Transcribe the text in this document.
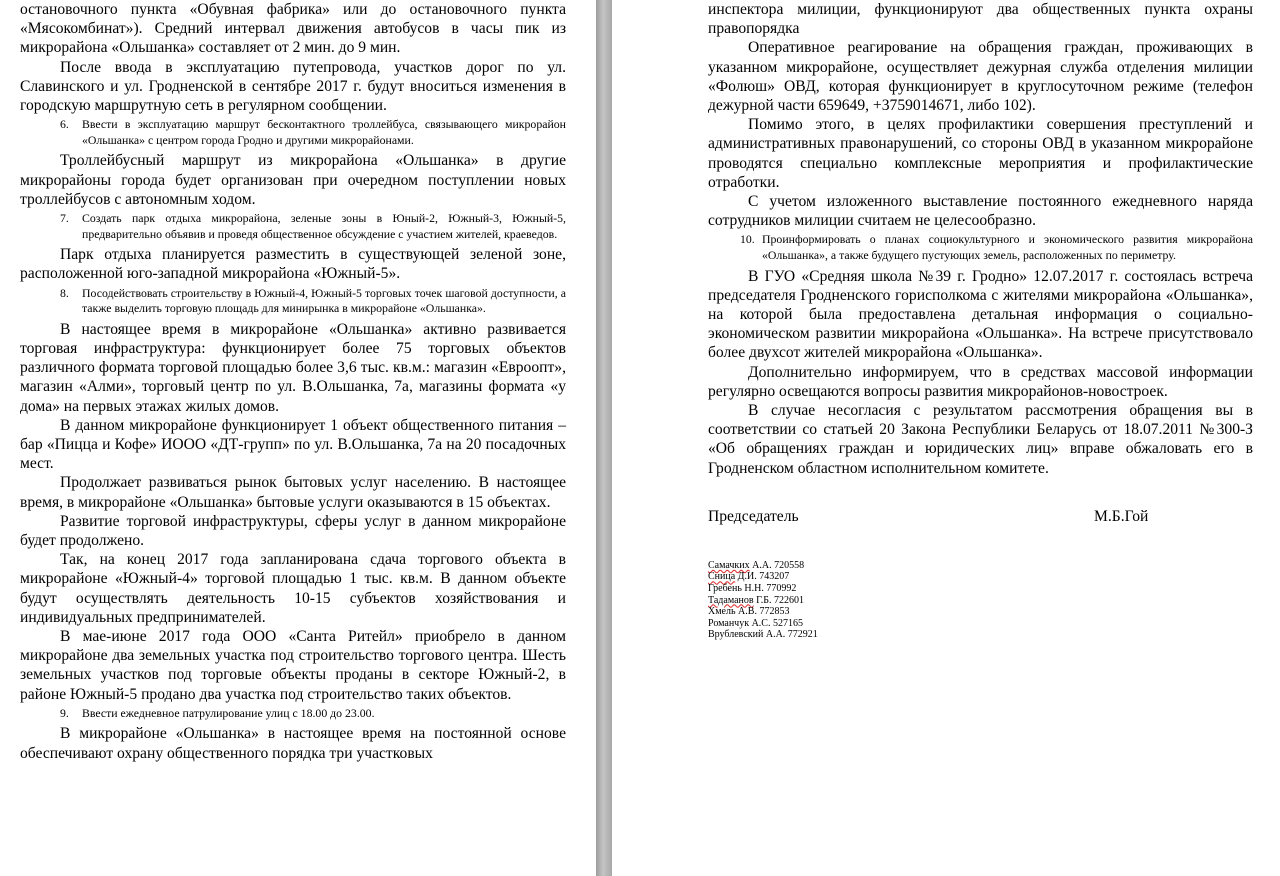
остановочного пункта «Обувная фабрика» или до остановочного пункта «Мясокомбинат»). Средний интервал движения автобусов в часы пик из микрорайона «Ольшанка» составляет от 2 мин. до 9 мин.

После ввода в эксплуатацию путепровода, участков дорог по ул. Славинского и ул. Гродненской в сентябре 2017 г. будут вноситься изменения в городскую маршрутную сеть в регулярном сообщении.

6. Ввести в эксплуатацию маршрут бесконтактного троллейбуса, связывающего микрорайон «Ольшанка» с центром города Гродно и другими микрорайонами.

Троллейбусный маршрут из микрорайона «Ольшанка» в другие микрорайоны города будет организован при очередном поступлении новых троллейбусов с автономным ходом.

7. Создать парк отдыха микрорайона, зеленые зоны в Юный-2, Южный-3, Южный-5, предварительно объявив и проведя общественное обсуждение с участием жителей, краеведов.

Парк отдыха планируется разместить в существующей зеленой зоне, расположенной юго-западной микрорайона «Южный-5».

8. Посодействовать строительству в Южный-4, Южный-5 торговых точек шаговой доступности, а также выделить торговую площадь для минирынка в микрорайоне «Ольшанка».

В настоящее время в микрорайоне «Ольшанка» активно развивается торговая инфраструктура: функционирует более 75 торговых объектов различного формата торговой площадью более 3,6 тыс. кв.м.: магазин «Евроопт», магазин «Алми», торговый центр по ул. В.Ольшанка, 7а, магазины формата «у дома» на первых этажах жилых домов.

В данном микрорайоне функционирует 1 объект общественного питания – бар «Пицца и Кофе» ИООО «ДТ-групп» по ул. В.Ольшанка, 7а на 20 посадочных мест.

Продолжает развиваться рынок бытовых услуг населению. В настоящее время, в микрорайоне «Ольшанка» бытовые услуги оказываются в 15 объектах.

Развитие торговой инфраструктуры, сферы услуг в данном микрорайоне будет продолжено.

Так, на конец 2017 года запланирована сдача торгового объекта в микрорайоне «Южный-4» торговой площадью 1 тыс. кв.м. В данном объекте будут осуществлять деятельность 10-15 субъектов хозяйствования и индивидуальных предпринимателей.

В мае-июне 2017 года ООО «Санта Ритейл» приобрело в данном микрорайоне два земельных участка под строительство торгового центра. Шесть земельных участков под торговые объекты проданы в секторе Южный-2, в районе Южный-5 продано два участка под строительство таких объектов.

9. Ввести ежедневное патрулирование улиц с 18.00 до 23.00.

В микрорайоне «Ольшанка» в настоящее время на постоянной основе обеспечивают охрану общественного порядка три участковых

инспектора милиции, функционируют два общественных пункта охраны правопорядка

Оперативное реагирование на обращения граждан, проживающих в указанном микрорайоне, осуществляет дежурная служба отделения милиции «Фолюш» ОВД, которая функционирует в круглосуточном режиме (телефон дежурной части 659649, +3759014671, либо 102).

Помимо этого, в целях профилактики совершения преступлений и административных правонарушений, со стороны ОВД в указанном микрорайоне проводятся специально комплексные мероприятия и профилактические отработки.

С учетом изложенного выставление постоянного ежедневного наряда сотрудников милиции считаем не целесообразно.

10. Проинформировать о планах социокультурного и экономического развития микрорайона «Ольшанка», а также будущего пустующих земель, расположенных по периметру.

В ГУО «Средняя школа №39 г. Гродно» 12.07.2017 г. состоялась встреча председателя Гродненского горисполкома с жителями микрорайона «Ольшанка», на которой была предоставлена детальная информация о социально-экономическом развитии микрорайона «Ольшанка». На встрече присутствовало более двухсот жителей микрорайона «Ольшанка».

Дополнительно информируем, что в средствах массовой информации регулярно освещаются вопросы развития микрорайонов-новостроек.

В случае несогласия с результатом рассмотрения обращения вы в соответствии со статьей 20 Закона Республики Беларусь от 18.07.2011 №300-З «Об обращениях граждан и юридических лиц» вправе обжаловать его в Гродненском областном исполнительном комитете.

Председатель	М.Б.Гой
Самачких А.А. 720558
Сница Д.И. 743207
Гребень Н.Н. 770992
Тадаманов Г.Б. 722601
Хмель А.В. 772853
Романчук А.С. 527165
Врублевский А.А. 772921
